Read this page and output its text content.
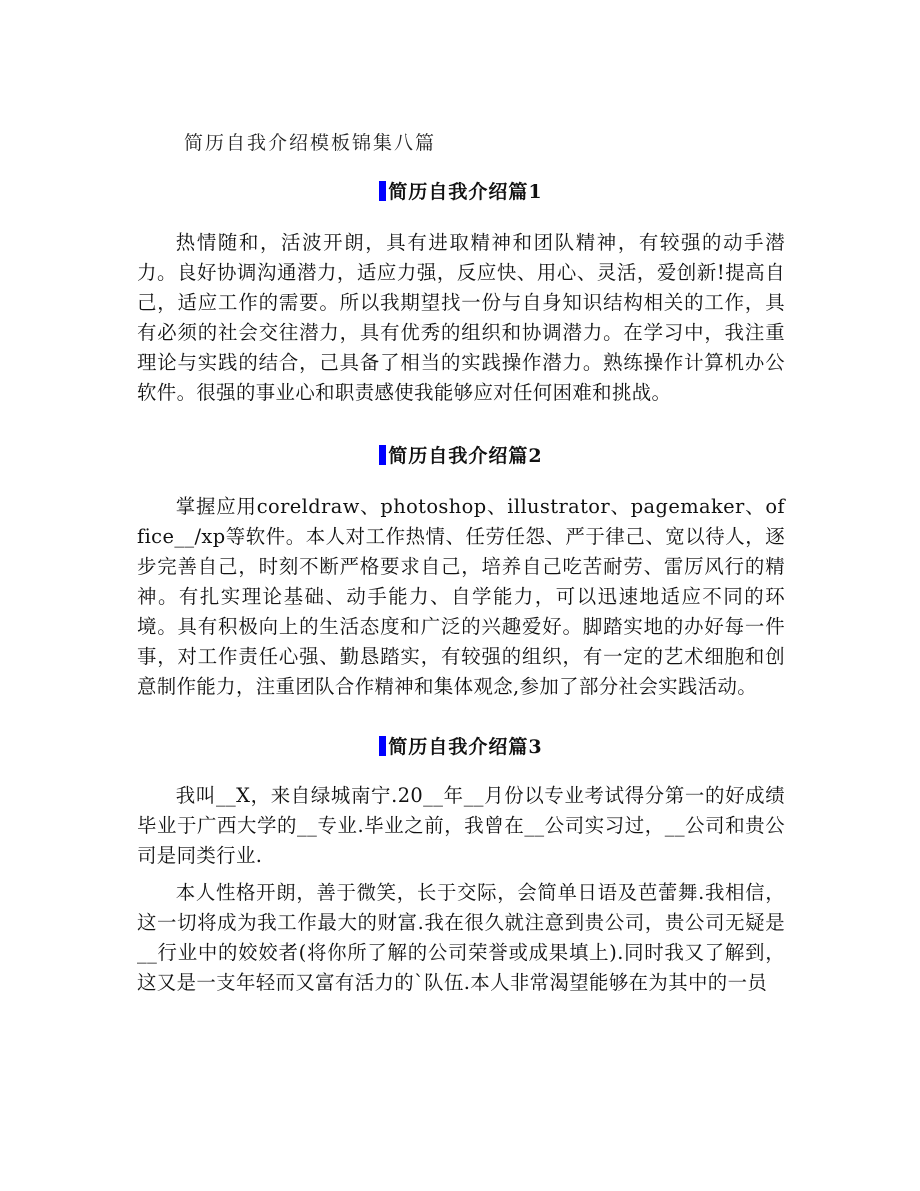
简历自我介绍模板锦集八篇
简历自我介绍篇1
热情随和，活波开朗，具有进取精神和团队精神，有较强的动手潜力。良好协调沟通潜力，适应力强，反应快、用心、灵活，爱创新!提高自己，适应工作的需要。所以我期望找一份与自身知识结构相关的工作，具有必须的社会交往潜力，具有优秀的组织和协调潜力。在学习中，我注重理论与实践的结合，己具备了相当的实践操作潜力。熟练操作计算机办公软件。很强的事业心和职责感使我能够应对任何困难和挑战。
简历自我介绍篇2
掌握应用coreldraw、photoshop、illustrator、pagemaker、office__/xp等软件。本人对工作热情、任劳任怨、严于律己、宽以待人，逐步完善自己，时刻不断严格要求自己，培养自己吃苦耐劳、雷厉风行的精神。有扎实理论基础、动手能力、自学能力，可以迅速地适应不同的环境。具有积极向上的生活态度和广泛的兴趣爱好。脚踏实地的办好每一件事，对工作责任心强、勤恳踏实，有较强的组织，有一定的艺术细胞和创意制作能力，注重团队合作精神和集体观念,参加了部分社会实践活动。
简历自我介绍篇3
我叫__X，来自绿城南宁.20__年__月份以专业考试得分第一的好成绩毕业于广西大学的__专业.毕业之前，我曾在__公司实习过，__公司和贵公司是同类行业.
本人性格开朗，善于微笑，长于交际，会简单日语及芭蕾舞.我相信，这一切将成为我工作最大的财富.我在很久就注意到贵公司，贵公司无疑是__行业中的姣姣者(将你所了解的公司荣誉或成果填上).同时我又了解到，这又是一支年轻而又富有活力的`队伍.本人非常渴望能够在为其中的一员
